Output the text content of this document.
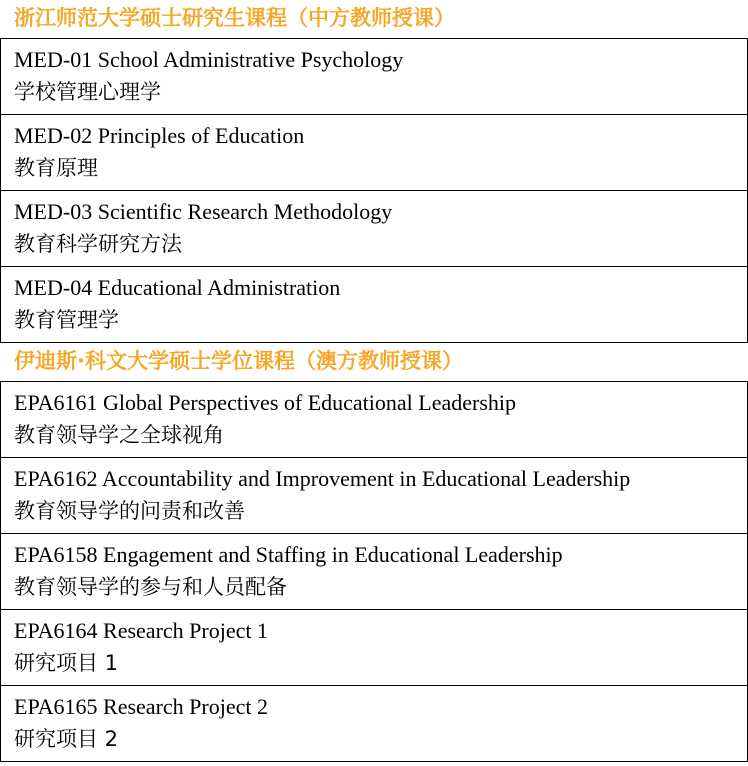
浙江师范大学硕士研究生课程（中方教师授课）
MED-01 School Administrative Psychology
学校管理心理学

MED-02 Principles of Education
教育原理

MED-03 Scientific Research Methodology
教育科学研究方法

MED-04 Educational Administration
教育管理学
伊迪斯·科文大学硕士学位课程（澳方教师授课）
EPA6161 Global Perspectives of Educational Leadership
教育领导学之全球视角

EPA6162 Accountability and Improvement in Educational Leadership
教育领导学的问责和改善

EPA6158 Engagement and Staffing in Educational Leadership
教育领导学的参与和人员配备

EPA6164 Research Project 1
研究项目 1

EPA6165 Research Project 2
研究项目 2
